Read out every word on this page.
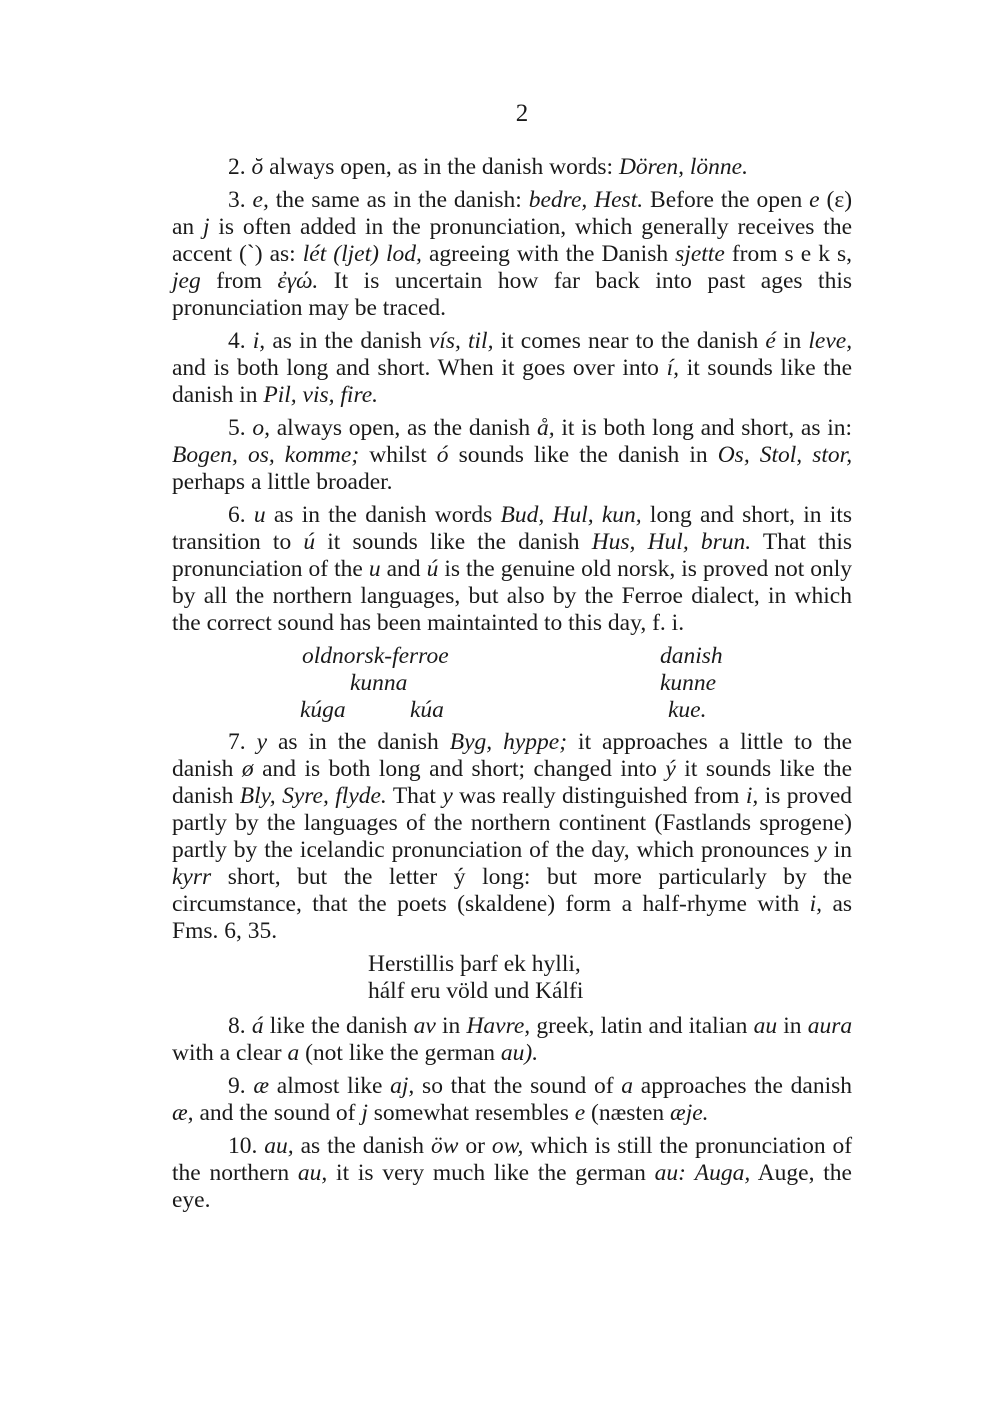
2

2. ŏ always open, as in the danish words: Dören, lönne.

3. e, the same as in the danish: bedre, Hest. Before the open e (ε) an j is often added in the pronunciation, which generally receives the accent (`) as: lét (ljet) lod, agreeing with the Danish sjette from s e k s, jeg from ἐγώ. It is uncertain how far back into past ages this pronunciation may be traced.

4. i, as in the danish vís, til, it comes near to the danish é in leve, and is both long and short. When it goes over into í, it sounds like the danish in Pil, vis, fire.

5. o, always open, as the danish å, it is both long and short, as in: Bogen, os, komme; whilst ó sounds like the danish in Os, Stol, stor, perhaps a little broader.

6. u as in the danish words Bud, Hul, kun, long and short, in its transition to ú it sounds like the danish Hus, Hul, brun. That this pronunciation of the u and ú is the genuine old norsk, is proved not only by all the northern languages, but also by the Ferroe dialect, in which the correct sound has been maintainted to this day, f. i.

oldnorsk-ferroe	danish
kunna	kunne
kúga	kúa	kue.

7. y as in the danish Byg, hyppe; it approaches a little to the danish ø and is both long and short; changed into ý it sounds like the danish Bly, Syre, flyde. That y was really distinguished from i, is proved partly by the languages of the northern continent (Fastlands sprogene) partly by the icelandic pronunciation of the day, which pronounces y in kyrr short, but the letter ý long: but more particularly by the circumstance, that the poets (skaldene) form a half-rhyme with i, as Fms. 6, 35.

Herstillis þarf ek hylli,
hálf eru völd und Kálfi

8. á like the danish av in Havre, greek, latin and italian au in aura with a clear a (not like the german au).

9. æ almost like aj, so that the sound of a approaches the danish æ, and the sound of j somewhat resembles e (næsten æje.

10. au, as the danish öw or ow, which is still the pronunciation of the northern au, it is very much like the german au: Auga, Auge, the eye.
